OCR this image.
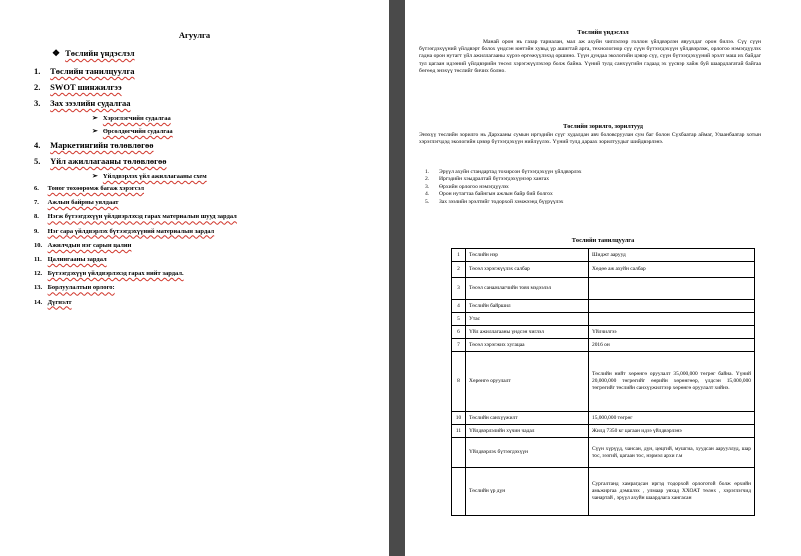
Агуулга
❖ Төслийн үндэслэл
1. Төслийн танилцуулга
2. SWOT шинжилгээ
3. Зах зээлийн судалгаа
➢ Хэрэглэгчийн судалгаа
➢ Өрсөлдөгчийн судалгаа
4. Маркетингийн төлөвлөгөө
5. Үйл ажиллагааны төлөвлөгөө
➢ Үйлдвэрлэх үйл ажиллагааны схем
6. Тоног төхөөрөмж багаж хэрэгсэл
7. Ажлын байрны уялдаат
8. Нэгж бүтээгдэхүүн үйлдвэрлэхэд гарах материалын шууд зардал
9. Нэг сара үйлдвэрлэх бүтээгдэхүүний материалын зардал
10. Ажилчдын нэг сарын цалин
11. Цалингааны зардал
12. Бүтээгдэхүүн үйлдвэрлэхэд гарах нийт зардал.
13. Борлуулалтын орлого:
14. Дүгнэлт
Төслийн үндэслэл
Манай орон нь газар тариалан, мал аж ахуйн чиглэлээр голлон үйлдвэрлэн явуулдаг орон билээ. Сүү сүүн бүтээгдэхүүний үйлдвэрт болох үндсэн юнтэйн хувьд үр ашигтай арга, технологиор сүү сүүн бүтээгдэхүүн үйлдвэрлэж, орлогоо нэмэгдүүлэх гадна орон нутагт үйл ажиллагааны хүрээ өргөжүүлэхэд оршино. Түүн дундаа экологийн цэвэр сүү, сүүн бүтээгдэхүүний эрэлт маш их байдаг тул цагаан идээний үйлдвэрийн төсөл хэрэгжүүлэхээр болж байна. Үүний тулд санхүүгийн гадаад эх үүсвэр хайж буй шаардлагатай байгаа бөгөөд энэхүү төслийг бичих болно.
Төслийн зорилго, зорилтууд
Энэхүү төслийн зорилго нь Дархааны сумын иргэдийн сүүг худалдан авч боловсруулан сум баг болон Сүхбаатар аймаг, Улаанбаатар хотын хэрэглэгчдэд экологийн цэвэр бүтээгдэхүүн нийлүүлэх. Үүний тулд дараах зорилтуудыг шийдвэрлэнэ.
1. Эрүүл ахуйн стандартад тохирсон бүтээгдэхүүн үйлдвэрлэх
2. Иргэдийн хэыдралтай бүтээгдэхүүнээр хангах
3. Өрхийн орлогоо нэмэгдүүлэх
4. Орон нутагтаа байнгын ажлын байр бий болгох
5. Зах зээлийн эрэлтийг тодорхой хэмжээнд бүүрүүлэх
Төслийн танилцуулга
1	Төслийн нэр	Шиджт аарууд
2	Төсөл хэрэгжүүлэх салбар	Хөдөө аж ахуйн салбар
3	Төсөл санаачлагчийн товч мэдээлэл	
4	Төслийн байршил	
5	Утас	
6	Үйл ажиллагааны үндсэн чиглэл	Үйлчилгээ
7	Төсөл хэрэгжих хугацаа	2016 он
8	Хөрөнгө оруулалт	Төслийн нийт хөрөнгө оруулалт 35,000,000 төгрөг байна. Үүний 20,000,000 төгрөгийг өөрийн хөрөнгөөр, үлдсэн 15,000,000 төгрөгийг төслийн санхүүжилтээр хөрөнгө оруулалт хийнэ.
10	Төслийн санхүүжилт	15,000,000 төгрөг
11	Үйлдвэрлэлийн хүчин чадал	Жилд 7350 кг цагаан идээ үйлдвэрлэнэ
	Үйлдвэрлэх бүтээгдэхүүн	Сүүн хүрүүд, чансан, дүн, цөцгий, мушгиа, хуудсан аарууллуд, шар тос, ээзгий, цагаан тос, нэрмэл архи г.м
	Төслийн үр дүн	Сургалтанд хамрагдсан иргэд тодорхой орлоготой болж өрхийн амьжиргаа дэмшлэх , улмаар уяхад ХХОАТ төлөх , хэрэглэгчид чанартай , эрүүл ахуйн шаардлага хангасан
